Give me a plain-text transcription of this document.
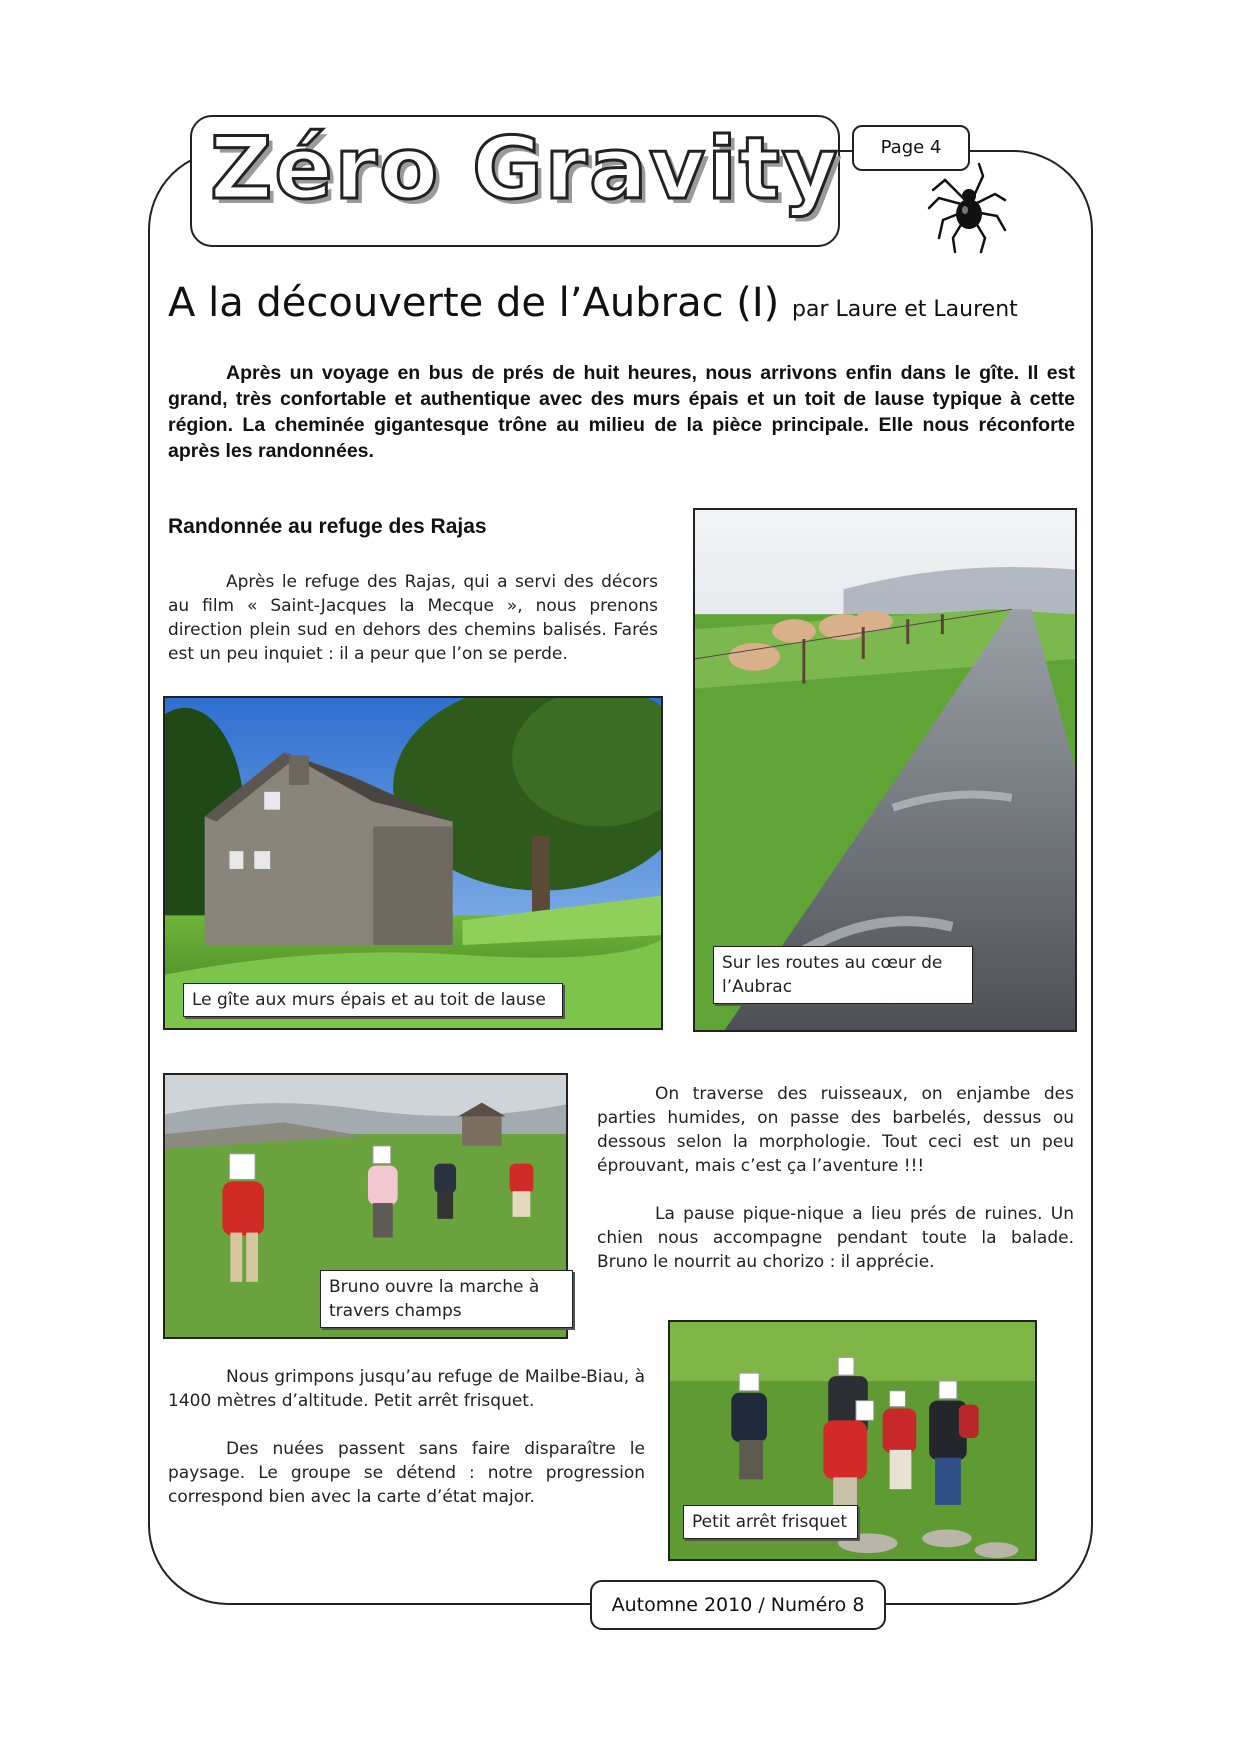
Zéro Gravity	Page 4
A la découverte de l’Aubrac (I) par Laure et Laurent
Après un voyage en bus de prés de huit heures, nous arrivons enfin dans le gîte. Il est grand, très confortable et authentique avec des murs épais et un toit de lause typique à cette région. La cheminée gigantesque trône au milieu de la pièce principale. Elle nous réconforte après les randonnées.
Randonnée au refuge des Rajas

Après le refuge des Rajas, qui a servi des décors au film « Saint-Jacques la Mecque », nous prenons direction plein sud en dehors des chemins balisés. Farés est un peu inquiet : il a peur que l’on se perde.

Le gîte aux murs épais et au toit de lause
Sur les routes au cœur de l’Aubrac
Bruno ouvre la marche à travers champs

On traverse des ruisseaux, on enjambe des parties humides, on passe des barbelés, dessus ou dessous selon la morphologie. Tout ceci est un peu éprouvant, mais c’est ça l’aventure !!!

La pause pique-nique a lieu prés de ruines. Un chien nous accompagne pendant toute la balade. Bruno le nourrit au chorizo : il apprécie.

Nous grimpons jusqu’au refuge de Mailbe-Biau, à 1400 mètres d’altitude. Petit arrêt frisquet.

Des nuées passent sans faire disparaître le paysage. Le groupe se détend : notre progression correspond bien avec la carte d’état major.

Petit arrêt frisquet
Automne 2010 / Numéro 8
